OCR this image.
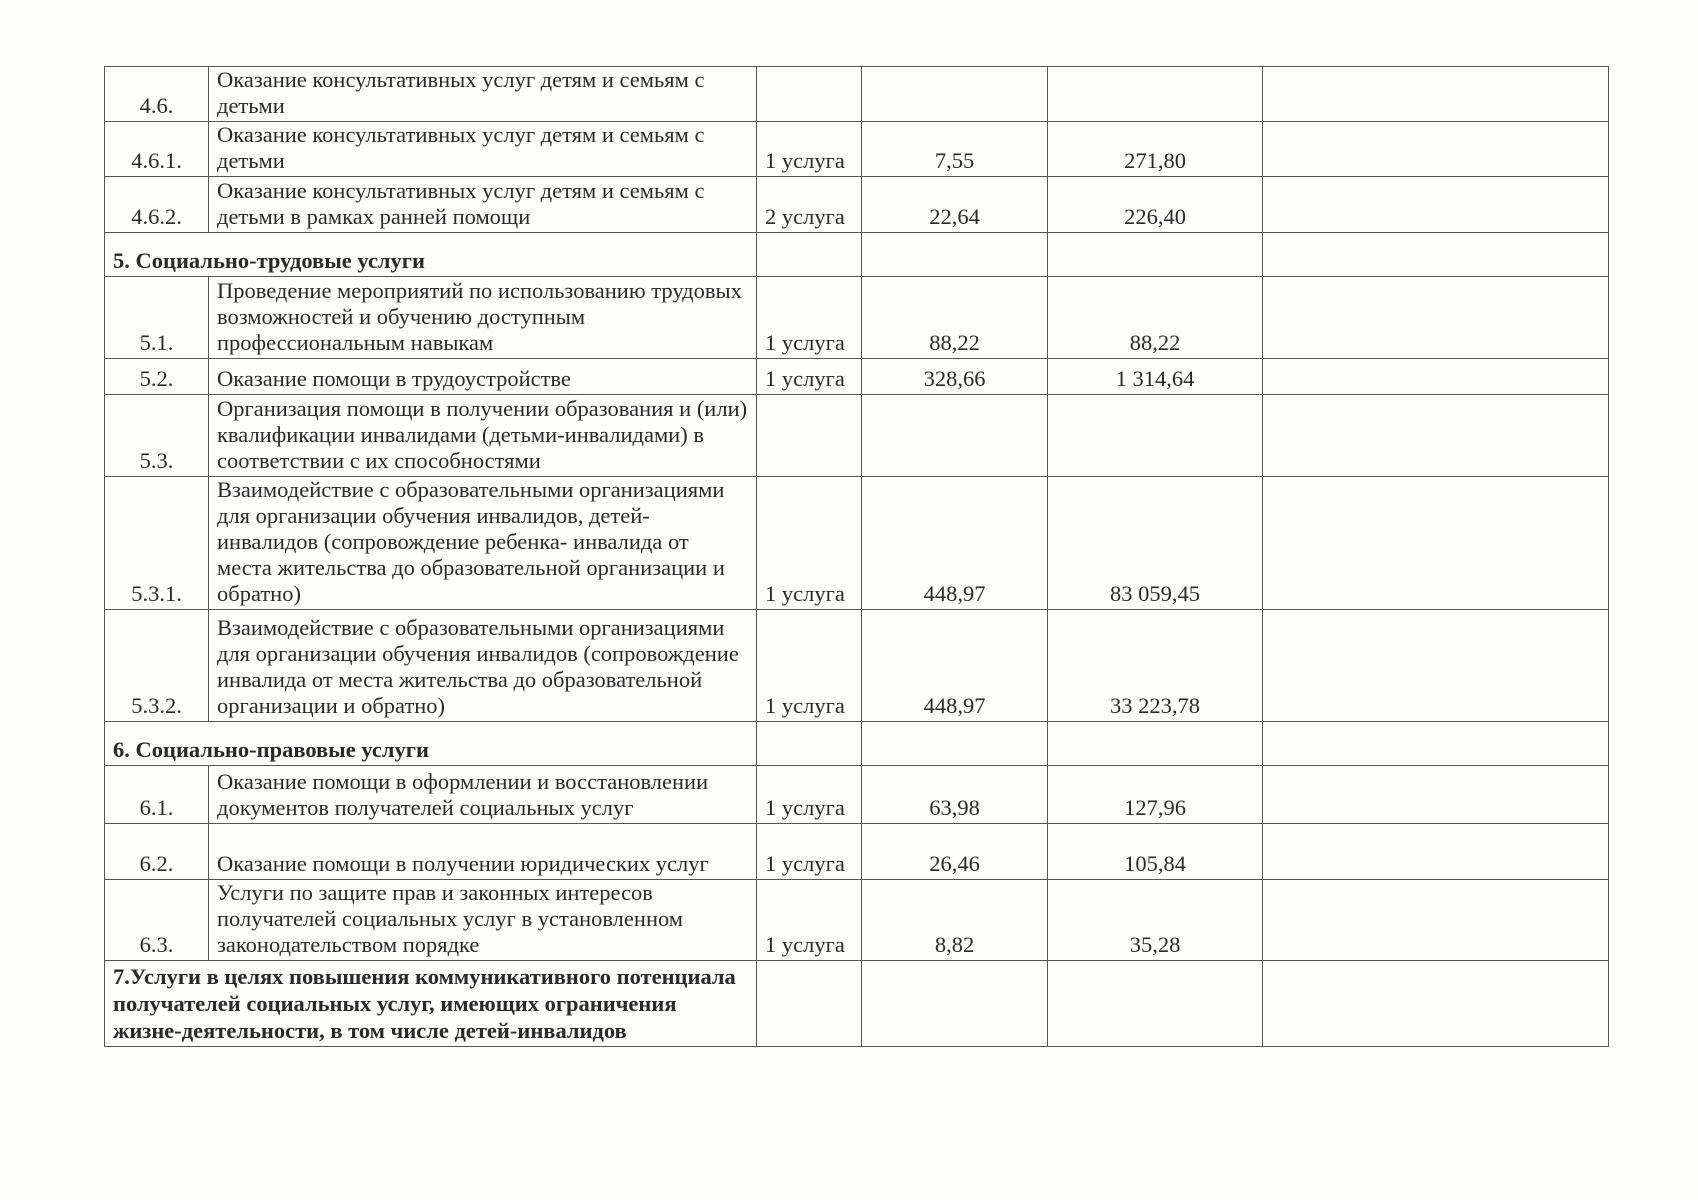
4.6.	Оказание консультативных услуг детям и семьям с детьми				
4.6.1.	Оказание консультативных услуг детям и семьям с детьми	1 услуга	7,55	271,80	
4.6.2.	Оказание консультативных услуг детям и семьям с детьми в рамках ранней помощи	2 услуга	22,64	226,40	
5. Социально-трудовые услуги					
5.1.	Проведение мероприятий по использованию трудовых возможностей и обучению доступным профессиональным навыкам	1 услуга	88,22	88,22	
5.2.	Оказание помощи в трудоустройстве	1 услуга	328,66	1 314,64	
5.3.	Организация помощи в получении образования и (или) квалификации инвалидами (детьми-инвалидами) в соответствии с их способностями				
5.3.1.	Взаимодействие с образовательными организациями для организации обучения инвалидов, детей-инвалидов (сопровождение ребенка- инвалида от места жительства до образовательной организации и обратно)	1 услуга	448,97	83 059,45	
5.3.2.	Взаимодействие с образовательными организациями для организации обучения инвалидов (сопровождение инвалида от места жительства до образовательной организации и обратно)	1 услуга	448,97	33 223,78	
6. Социально-правовые услуги					
6.1.	Оказание помощи в оформлении и восстановлении документов получателей социальных услуг	1 услуга	63,98	127,96	
6.2.	Оказание помощи в получении юридических услуг	1 услуга	26,46	105,84	
6.3.	Услуги по защите прав и законных интересов получателей социальных услуг в установленном законодательством порядке	1 услуга	8,82	35,28	
7.Услуги в целях повышения коммуникативного потенциала получателей социальных услуг, имеющих ограничения жизне-деятельности, в том числе детей-инвалидов					
